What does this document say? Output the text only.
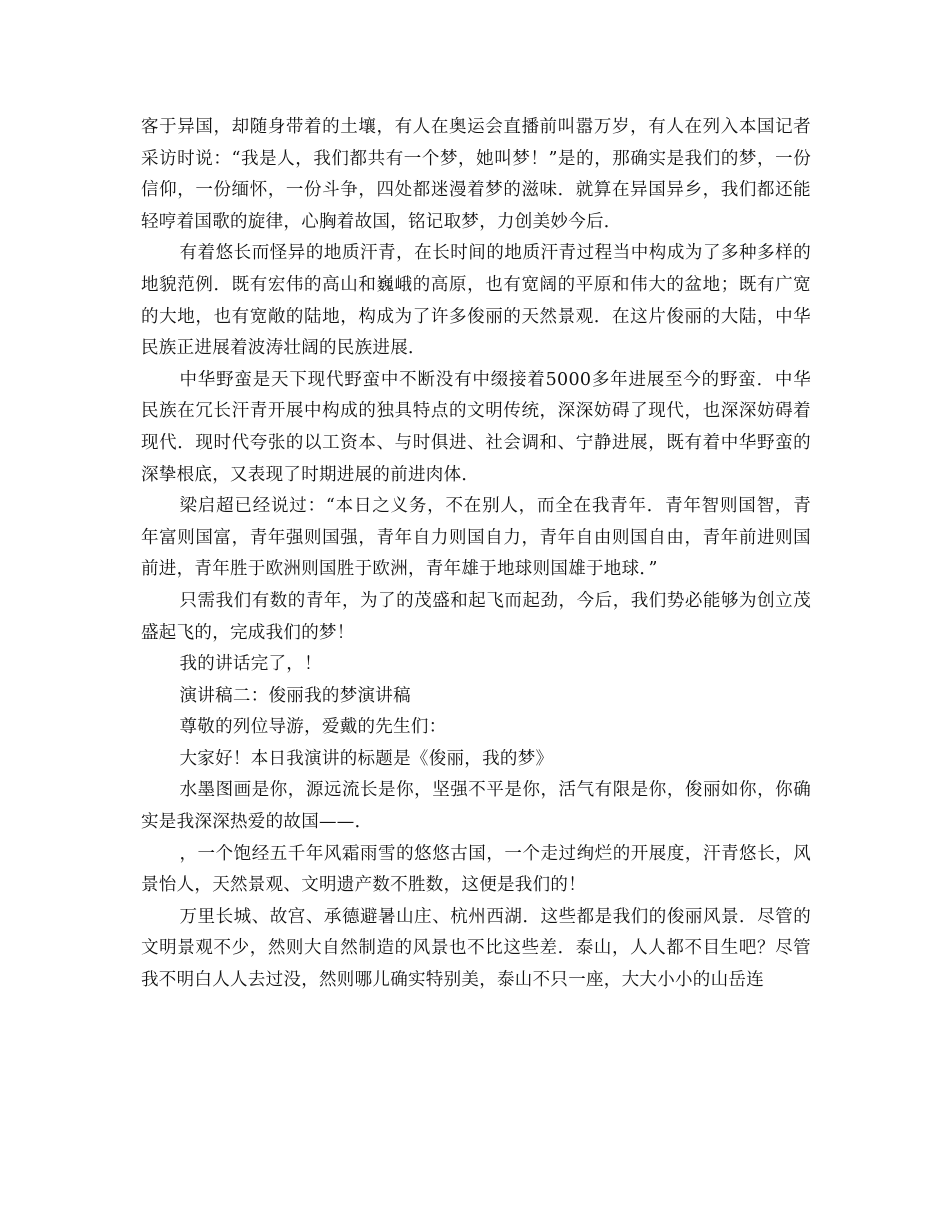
客于异国，却随身带着的土壤，有人在奥运会直播前叫嚣万岁，有人在列入本国记者采访时说：“我是人，我们都共有一个梦，她叫梦！”是的，那确实是我们的梦，一份信仰，一份缅怀，一份斗争，四处都迷漫着梦的滋味．就算在异国异乡，我们都还能轻哼着国歌的旋律，心胸着故国，铭记取梦，力创美妙今后．

有着悠长而怪异的地质汗青，在长时间的地质汗青过程当中构成为了多种多样的地貌范例．既有宏伟的高山和巍峨的高原，也有宽阔的平原和伟大的盆地；既有广宽的大地，也有宽敞的陆地，构成为了许多俊丽的天然景观．在这片俊丽的大陆，中华民族正进展着波涛壮阔的民族进展．

中华野蛮是天下现代野蛮中不断没有中缀接着5000多年进展至今的野蛮．中华民族在冗长汗青开展中构成的独具特点的文明传统，深深妨碍了现代，也深深妨碍着现代．现时代夸张的以工资本、与时俱进、社会调和、宁静进展，既有着中华野蛮的深挚根底，又表现了时期进展的前进肉体．

梁启超已经说过：“本日之义务，不在别人，而全在我青年．青年智则国智，青年富则国富，青年强则国强，青年自力则国自力，青年自由则国自由，青年前进则国前进，青年胜于欧洲则国胜于欧洲，青年雄于地球则国雄于地球．”

只需我们有数的青年，为了的茂盛和起飞而起劲，今后，我们势必能够为创立茂盛起飞的，完成我们的梦！

我的讲话完了，！

演讲稿二：俊丽我的梦演讲稿

尊敬的列位导游，爱戴的先生们：

大家好！本日我演讲的标题是《俊丽，我的梦》

水墨图画是你，源远流长是你，坚强不平是你，活气有限是你，俊丽如你，你确实是我深深热爱的故国——．

，一个饱经五千年风霜雨雪的悠悠古国，一个走过绚烂的开展度，汗青悠长，风景怡人，天然景观、文明遗产数不胜数，这便是我们的！

万里长城、故宫、承德避暑山庄、杭州西湖．这些都是我们的俊丽风景．尽管的文明景观不少，然则大自然制造的风景也不比这些差．泰山，人人都不目生吧？尽管我不明白人人去过没，然则哪儿确实特别美，泰山不只一座，大大小小的山岳连
